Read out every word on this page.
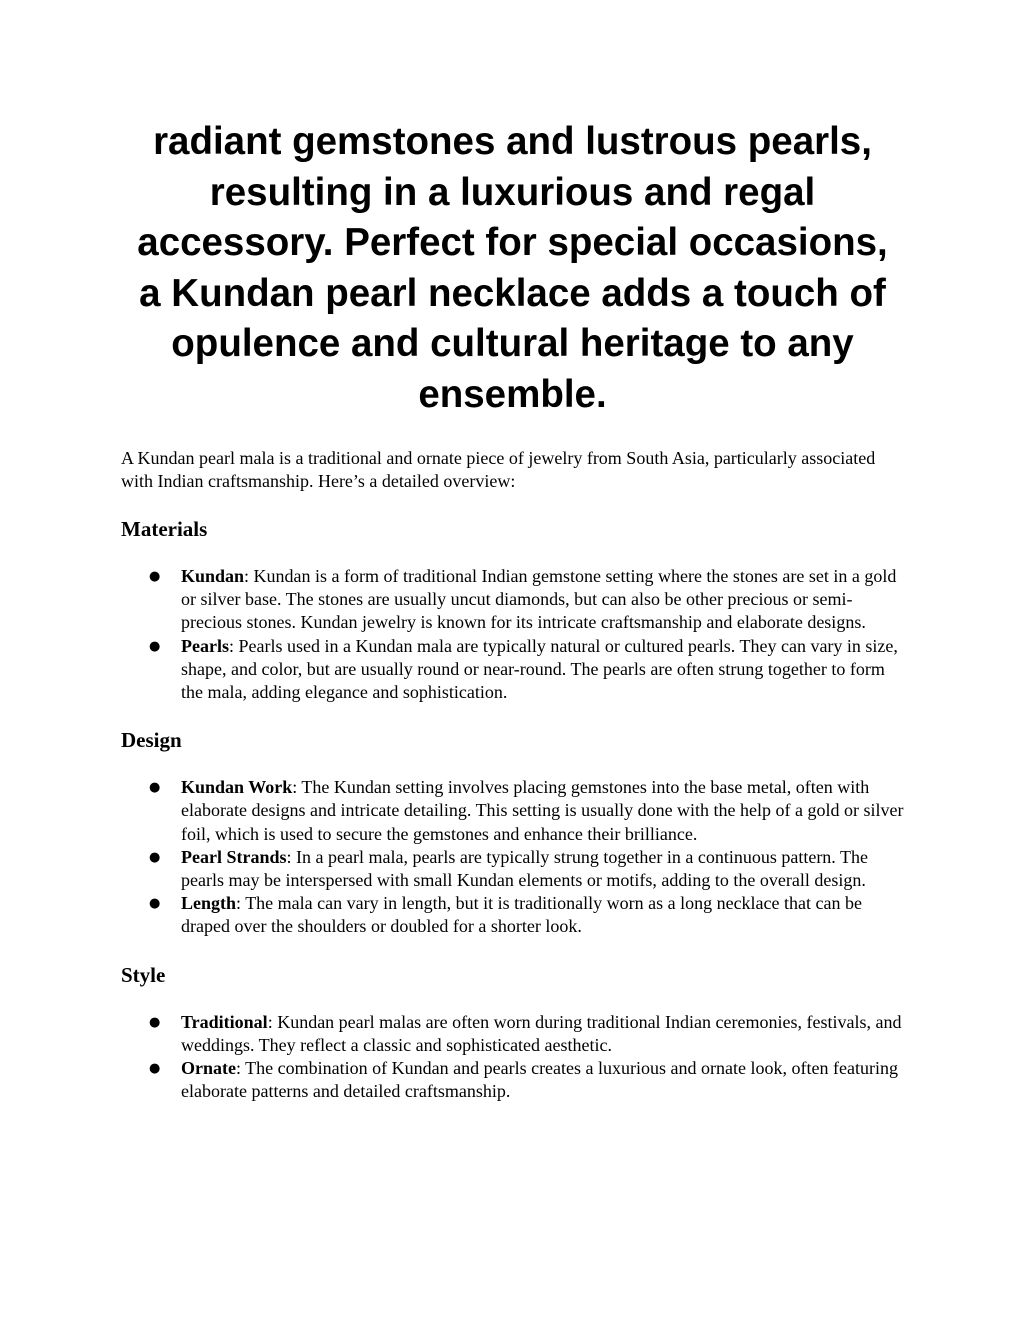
radiant gemstones and lustrous pearls, resulting in a luxurious and regal accessory. Perfect for special occasions, a Kundan pearl necklace adds a touch of opulence and cultural heritage to any ensemble.

A Kundan pearl mala is a traditional and ornate piece of jewelry from South Asia, particularly associated with Indian craftsmanship. Here’s a detailed overview:

Materials
● Kundan: Kundan is a form of traditional Indian gemstone setting where the stones are set in a gold or silver base. The stones are usually uncut diamonds, but can also be other precious or semi-precious stones. Kundan jewelry is known for its intricate craftsmanship and elaborate designs.
● Pearls: Pearls used in a Kundan mala are typically natural or cultured pearls. They can vary in size, shape, and color, but are usually round or near-round. The pearls are often strung together to form the mala, adding elegance and sophistication.
Design
● Kundan Work: The Kundan setting involves placing gemstones into the base metal, often with elaborate designs and intricate detailing. This setting is usually done with the help of a gold or silver foil, which is used to secure the gemstones and enhance their brilliance.
● Pearl Strands: In a pearl mala, pearls are typically strung together in a continuous pattern. The pearls may be interspersed with small Kundan elements or motifs, adding to the overall design.
● Length: The mala can vary in length, but it is traditionally worn as a long necklace that can be draped over the shoulders or doubled for a shorter look.
Style
● Traditional: Kundan pearl malas are often worn during traditional Indian ceremonies, festivals, and weddings. They reflect a classic and sophisticated aesthetic.
● Ornate: The combination of Kundan and pearls creates a luxurious and ornate look, often featuring elaborate patterns and detailed craftsmanship.
